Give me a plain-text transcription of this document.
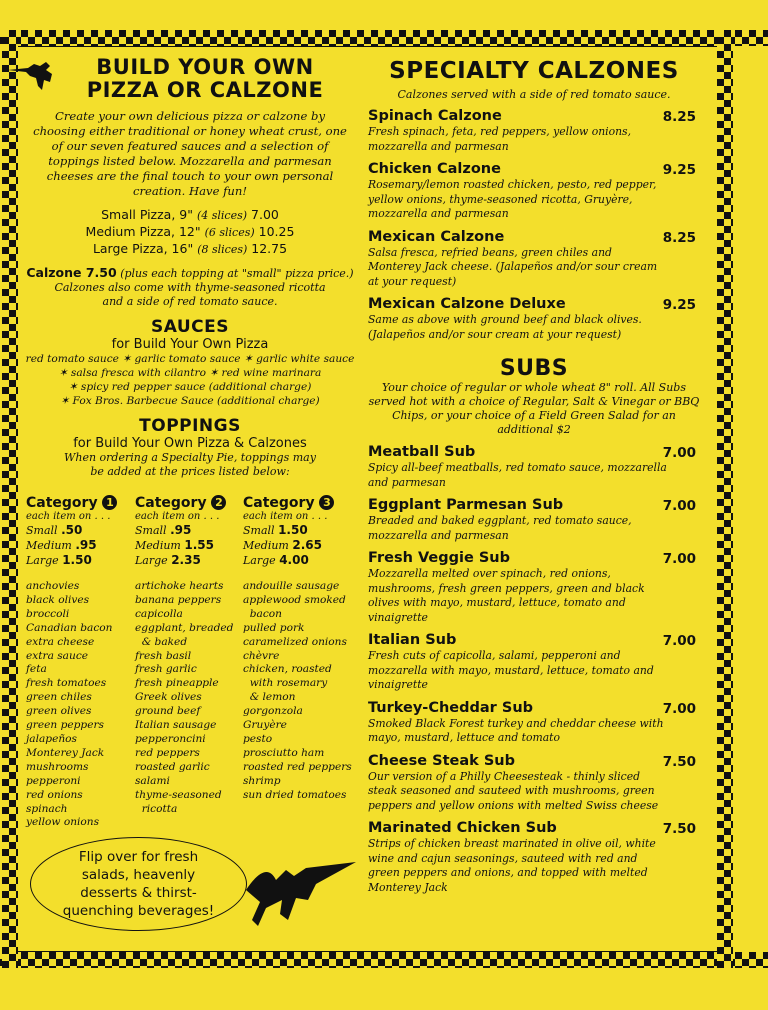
BUILD YOUR OWN
PIZZA OR CALZONE
Create your own delicious pizza or calzone by choosing either traditional or honey wheat crust, one of our seven featured sauces and a selection of toppings listed below. Mozzarella and parmesan cheeses are the final touch to your own personal creation. Have fun!
Small Pizza, 9" (4 slices) 7.00
Medium Pizza, 12" (6 slices) 10.25
Large Pizza, 16" (8 slices) 12.75
Calzone 7.50 (plus each topping at "small" pizza price.)
Calzones also come with thyme-seasoned ricotta and a side of red tomato sauce.
SAUCES
for Build Your Own Pizza
red tomato sauce ✶ garlic tomato sauce ✶ garlic white sauce
✶ salsa fresca with cilantro ✶ red wine marinara
✶ spicy red pepper sauce (additional charge)
✶ Fox Bros. Barbecue Sauce (additional charge)
TOPPINGS
for Build Your Own Pizza & Calzones
When ordering a Specialty Pie, toppings may be added at the prices listed below:
Category 1
each item on . . .
Small .50
Medium .95
Large 1.50
anchovies
black olives
broccoli
Canadian bacon
extra cheese
extra sauce
feta
fresh tomatoes
green chiles
green olives
green peppers
jalapeños
Monterey Jack
mushrooms
pepperoni
red onions
spinach
yellow onions
Category 2
each item on . . .
Small .95
Medium 1.55
Large 2.35
artichoke hearts
banana peppers
capicolla
eggplant, breaded
& baked
fresh basil
fresh garlic
fresh pineapple
Greek olives
ground beef
Italian sausage
pepperoncini
red peppers
roasted garlic
salami
thyme-seasoned
ricotta
Category 3
each item on . . .
Small 1.50
Medium 2.65
Large 4.00
andouille sausage
applewood smoked
bacon
pulled pork
caramelized onions
chèvre
chicken, roasted
with rosemary
& lemon
gorgonzola
Gruyère
pesto
prosciutto ham
roasted red peppers
shrimp
sun dried tomatoes
Flip over for fresh salads, heavenly desserts & thirst-quenching beverages!
SPECIALTY CALZONES
Calzones served with a side of red tomato sauce.
Spinach Calzone	8.25
Fresh spinach, feta, red peppers, yellow onions, mozzarella and parmesan
Chicken Calzone	9.25
Rosemary/lemon roasted chicken, pesto, red pepper, yellow onions, thyme-seasoned ricotta, Gruyère, mozzarella and parmesan
Mexican Calzone	8.25
Salsa fresca, refried beans, green chiles and Monterey Jack cheese. (Jalapeños and/or sour cream at your request)
Mexican Calzone Deluxe	9.25
Same as above with ground beef and black olives. (Jalapeños and/or sour cream at your request)
SUBS
Your choice of regular or whole wheat 8" roll. All Subs served hot with a choice of Regular, Salt & Vinegar or BBQ Chips, or your choice of a Field Green Salad for an additional $2
Meatball Sub	7.00
Spicy all-beef meatballs, red tomato sauce, mozzarella and parmesan
Eggplant Parmesan Sub	7.00
Breaded and baked eggplant, red tomato sauce, mozzarella and parmesan
Fresh Veggie Sub	7.00
Mozzarella melted over spinach, red onions, mushrooms, fresh green peppers, green and black olives with mayo, mustard, lettuce, tomato and vinaigrette
Italian Sub	7.00
Fresh cuts of capicolla, salami, pepperoni and mozzarella with mayo, mustard, lettuce, tomato and vinaigrette
Turkey-Cheddar Sub	7.00
Smoked Black Forest turkey and cheddar cheese with mayo, mustard, lettuce and tomato
Cheese Steak Sub	7.50
Our version of a Philly Cheesesteak - thinly sliced steak seasoned and sauteed with mushrooms, green peppers and yellow onions with melted Swiss cheese
Marinated Chicken Sub	7.50
Strips of chicken breast marinated in olive oil, white wine and cajun seasonings, sauteed with red and green peppers and onions, and topped with melted Monterey Jack
